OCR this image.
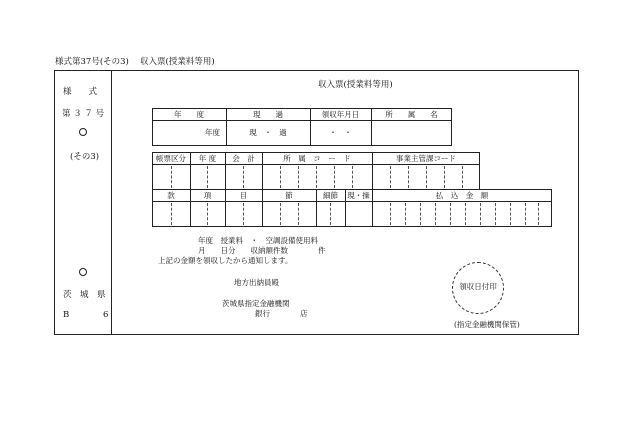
様式第37号(その3)　 収入票(授業料等用)
様　　式
第 ３ ７ 号
(その3)
茨　城　県
B	6
収入票(授業料等用)
年　　度	現　　過	領収年月日	所　　属　　名
年度	現　・　過	・　・
帳票区分	年 度	会　計	所　属　コ　ー　ド	事業主管課コード
款	項	目	節	細節	現・操	払　込　金　額
年度　授業料　・　空調設備使用料
月　　日分　　収納額件数　　　　件
上記の金額を領収したから通知します。
地方出納員殿
茨城県指定金融機関
銀行　　　　店
領収日付印
(指定金融機関保管)
